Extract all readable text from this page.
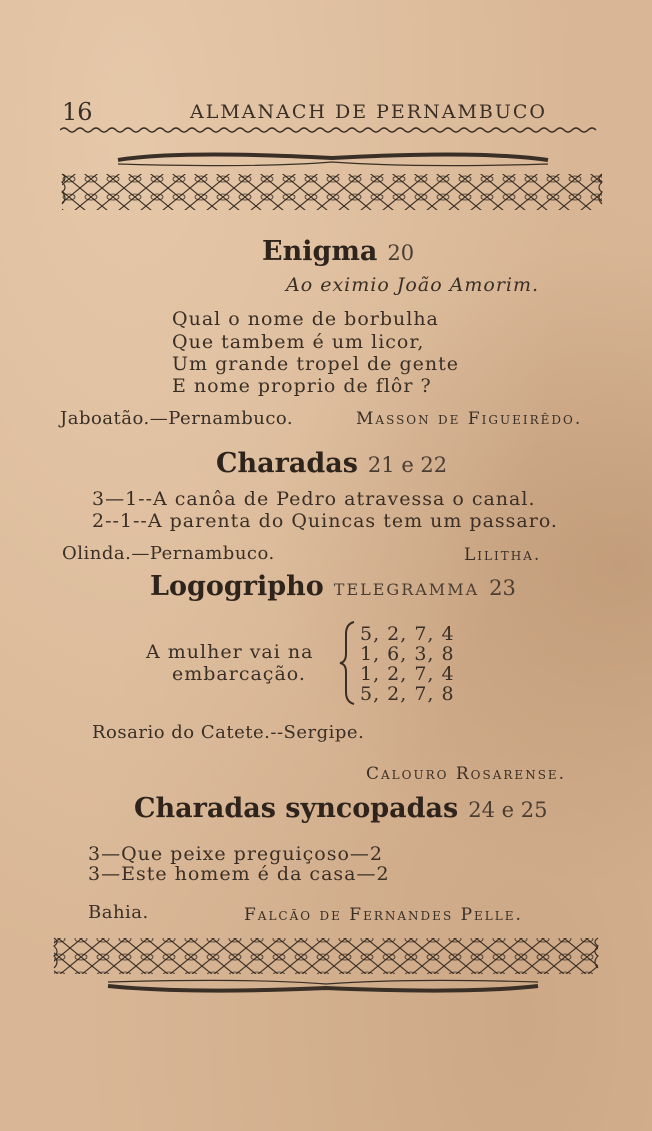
16	ALMANACH DE PERNAMBUCO
Enigma 20
Ao eximio João Amorim.
Qual o nome de borbulha
Que tambem é um licor,
Um grande tropel de gente
E nome proprio de flôr ?
Jaboatão.—Pernambuco.	Masson de Figueirêdo.
Charadas 21 e 22
3—1--A canôa de Pedro atravessa o canal.
2--1--A parenta do Quincas tem um passaro.
Olinda.—Pernambuco.	Lilitha.
Logogripho TELEGRAMMA 23
A mulher vai na
embarcação.
5, 2, 7, 4
1, 6, 3, 8
1, 2, 7, 4
5, 2, 7, 8
Rosario do Catete.--Sergipe.
Calouro Rosarense.
Charadas syncopadas 24 e 25
3—Que peixe preguiçoso—2
3—Este homem é da casa—2
Bahia.	Falcão de Fernandes Pelle.
